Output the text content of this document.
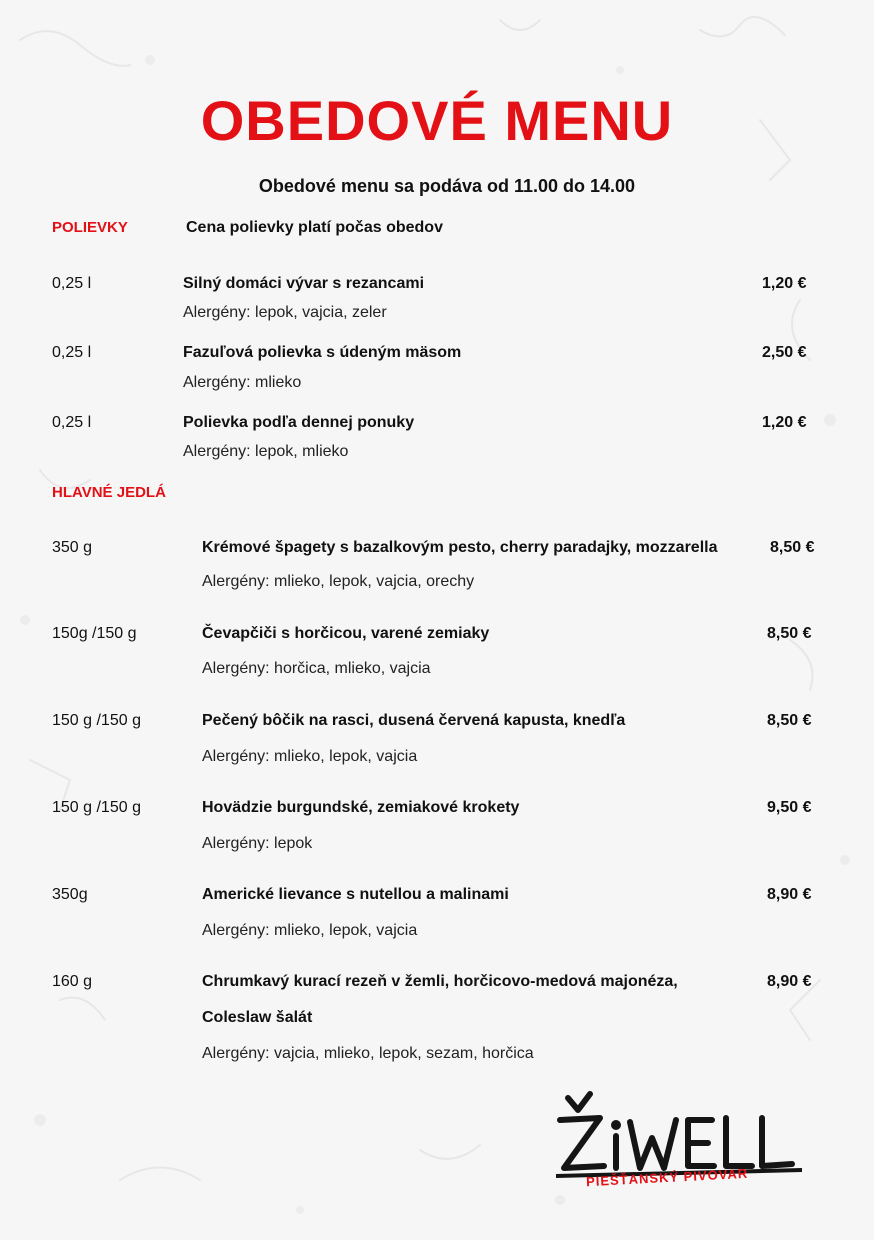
OBEDOVÉ MENU
Obedové menu sa podáva od 11.00 do 14.00
POLIEVKY	Cena polievky platí počas obedov
0,25 l	Silný domáci vývar s rezancami	1,20 €
Alergény: lepok, vajcia, zeler
0,25 l	Fazuľová polievka s údeným mäsom	2,50 €
Alergény: mlieko
0,25 l	Polievka podľa dennej ponuky	1,20 €
Alergény: lepok, mlieko
HLAVNÉ JEDLÁ
350 g	Krémové špagety s bazalkovým pesto, cherry paradajky, mozzarella	8,50 €
Alergény: mlieko, lepok, vajcia, orechy
150g /150 g	Čevapčiči s horčicou, varené zemiaky	8,50 €
Alergény: horčica, mlieko, vajcia
150 g /150 g	Pečený bôčik na rasci, dusená červená kapusta, knedľa	8,50 €
Alergény: mlieko, lepok, vajcia
150 g /150 g	Hovädzie burgundské, zemiakové krokety	9,50 €
Alergény: lepok
350g	Americké lievance s nutellou a malinami	8,90 €
Alergény: mlieko, lepok, vajcia
160 g	Chrumkavý kurací rezeň v žemli, horčicovo-medová majonéza,	8,90 €
Coleslaw šalát
Alergény: vajcia, mlieko, lepok, sezam, horčica
PIEŠŤANSKÝ PIVOVAR
